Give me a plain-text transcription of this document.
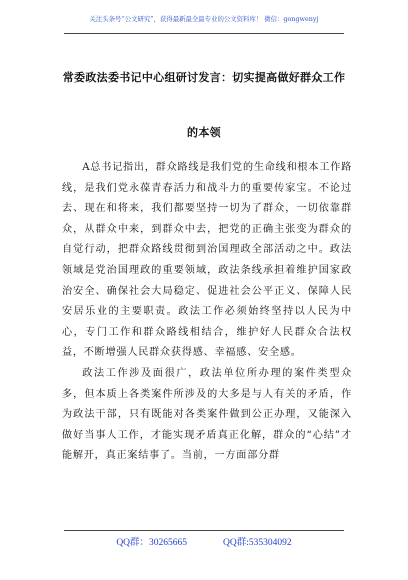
关注头条号“公文研究”，获得最新最全最专业的公文资料库！ 微信：gongwenyj
常委政法委书记中心组研讨发言：切实提高做好群众工作
的本领

A总书记指出，群众路线是我们党的生命线和根本工作路线，是我们党永葆青春活力和战斗力的重要传家宝。不论过去、现在和将来，我们都要坚持一切为了群众，一切依靠群众，从群众中来，到群众中去，把党的正确主张变为群众的自觉行动，把群众路线贯彻到治国理政全部活动之中。政法领域是党治国理政的重要领域，政法条线承担着维护国家政治安全、确保社会大局稳定、促进社会公平正义、保障人民安居乐业的主要职责。政法工作必须始终坚持以人民为中心，专门工作和群众路线相结合，维护好人民群众合法权益，不断增强人民群众获得感、幸福感、安全感。

政法工作涉及面很广，政法单位所办理的案件类型众多，但本质上各类案件所涉及的大多是与人有关的矛盾，作为政法干部，只有既能对各类案件做到公正办理，又能深入做好当事人工作，才能实现矛盾真正化解，群众的“心结”才能解开，真正案结事了。当前，一方面部分群

QQ群：30265665	QQ群:535304092
